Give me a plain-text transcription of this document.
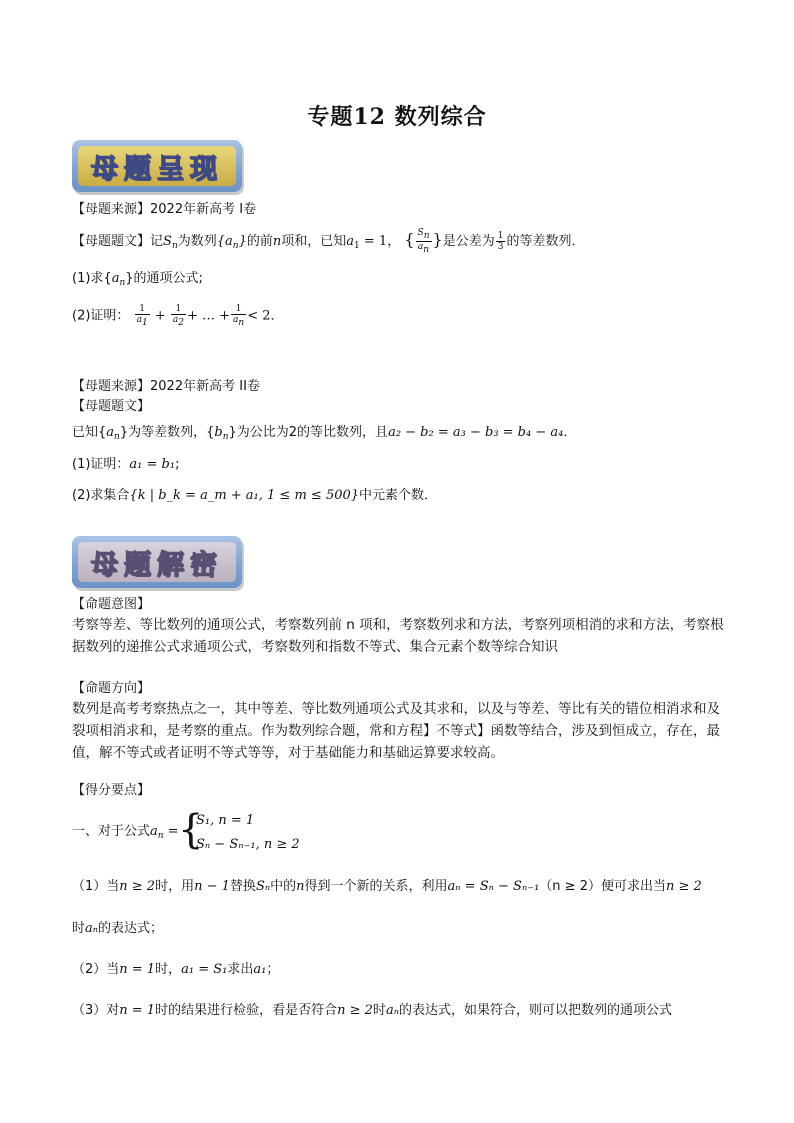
专题12 数列综合
母题呈现
【母题来源】2022年新高考 I卷
【母题题文】记$S_n$为数列$\{a_n\}$的前n项和，已知$a_1 = 1$， { $\frac{S_n}{a_n}$ }是公差为 $\frac{1}{3}$ 的等差数列．
(1)求$\{a_n\}$的通项公式;
(2)证明： $\frac{1}{a_1} + \frac{1}{a_2}$ + … + $\frac{1}{a_n} < 2$．
【母题来源】2022年新高考 II卷
【母题题文】
已知$\{a_n\}$为等差数列，$\{b_n\}$为公比为2的等比数列，且a₂ − b₂ = a₃ − b₃ = b₄ − a₄．
(1)证明：a₁ = b₁;
(2)求集合{k | b_k = a_m + a₁, 1 ≤ m ≤ 500}中元素个数．
母题解密
【命题意图】
考察等差、等比数列的通项公式，考察数列前 n 项和，考察数列求和方法，考察列项相消的求和方法，考察根据数列的递推公式求通项公式，考察数列和指数不等式、集合元素个数等综合知识
【命题方向】
数列是高考考察热点之一，其中等差、等比数列通项公式及其求和，以及与等差、等比有关的错位相消求和及裂项相消求和，是考察的重点。作为数列综合题，常和方程】不等式】函数等结合，涉及到恒成立，存在，最值，解不等式或者证明不等式等等，对于基础能力和基础运算要求较高。
【得分要点】
一、对于公式$a_n$ = {
S₁, n = 1
Sₙ − Sₙ₋₁, n ≥ 2
（1）当n ≥ 2时，用n − 1替换Sₙ中的n得到一个新的关系，利用aₙ = Sₙ − Sₙ₋₁（n ≥ 2）便可求出当n ≥ 2
时aₙ的表达式；
（2）当n = 1时，a₁ = S₁求出a₁；
（3）对n = 1时的结果进行检验，看是否符合n ≥ 2时aₙ的表达式，如果符合，则可以把数列的通项公式
